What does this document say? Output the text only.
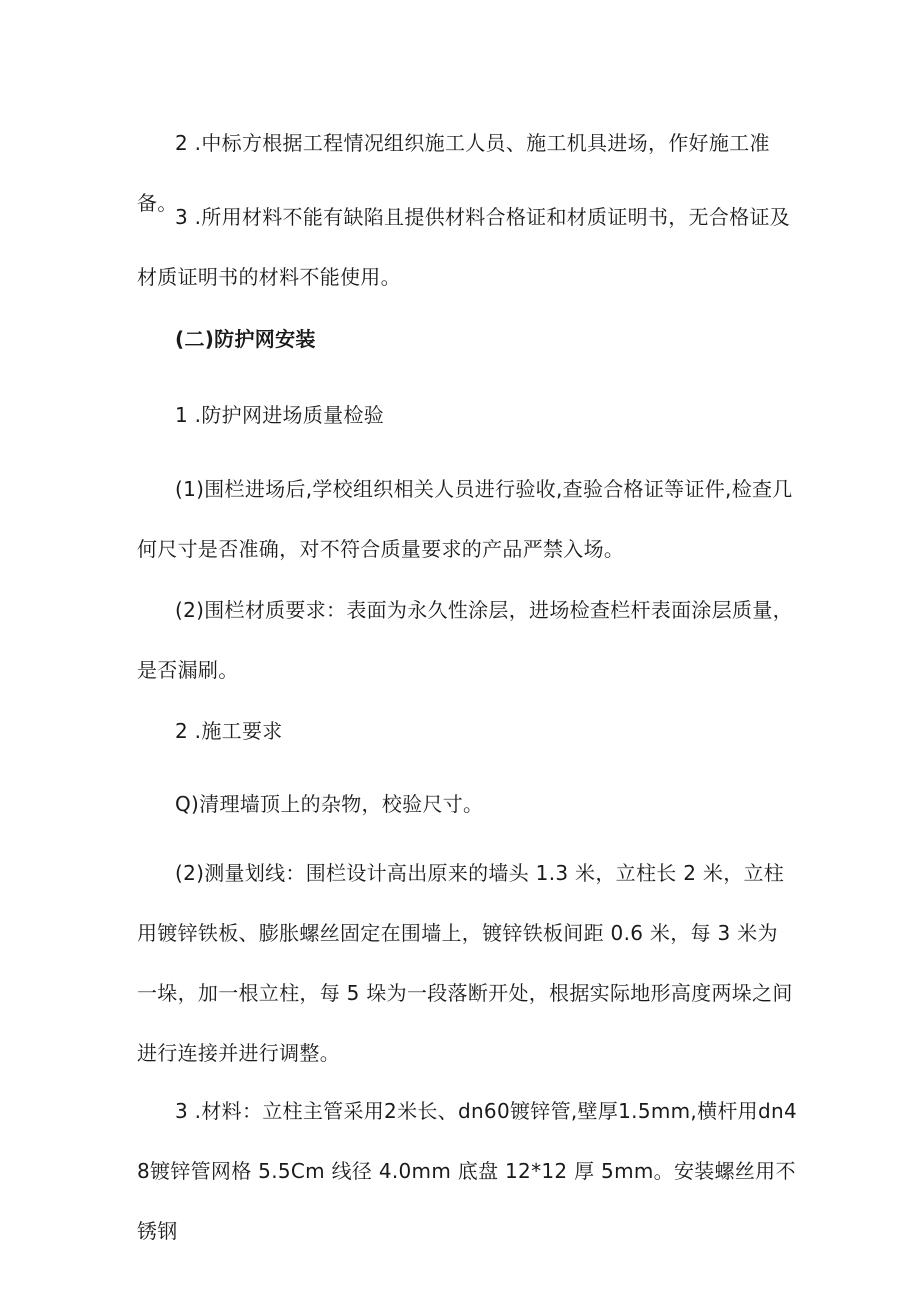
2 .中标方根据工程情况组织施工人员、施工机具进场，作好施工准备。

3 .所用材料不能有缺陷且提供材料合格证和材质证明书，无合格证及材质证明书的材料不能使用。

(二)防护网安装

1 .防护网进场质量检验

(1)围栏进场后,学校组织相关人员进行验收,查验合格证等证件,检查几何尺寸是否准确，对不符合质量要求的产品严禁入场。

(2)围栏材质要求：表面为永久性涂层，进场检查栏杆表面涂层质量，是否漏刷。

2 .施工要求

Q)清理墙顶上的杂物，校验尺寸。

(2)测量划线：围栏设计高出原来的墙头 1.3 米，立柱长 2 米，立柱用镀锌铁板、膨胀螺丝固定在围墙上，镀锌铁板间距 0.6 米，每 3 米为一垛，加一根立柱，每 5 垛为一段落断开处，根据实际地形高度两垛之间进行连接并进行调整。

3 .材料：立柱主管采用2米长、dn60镀锌管,壁厚1.5mm,横杆用dn48镀锌管网格 5.5Cm 线径 4.0mm 底盘 12*12 厚 5mm。安装螺丝用不锈钢
